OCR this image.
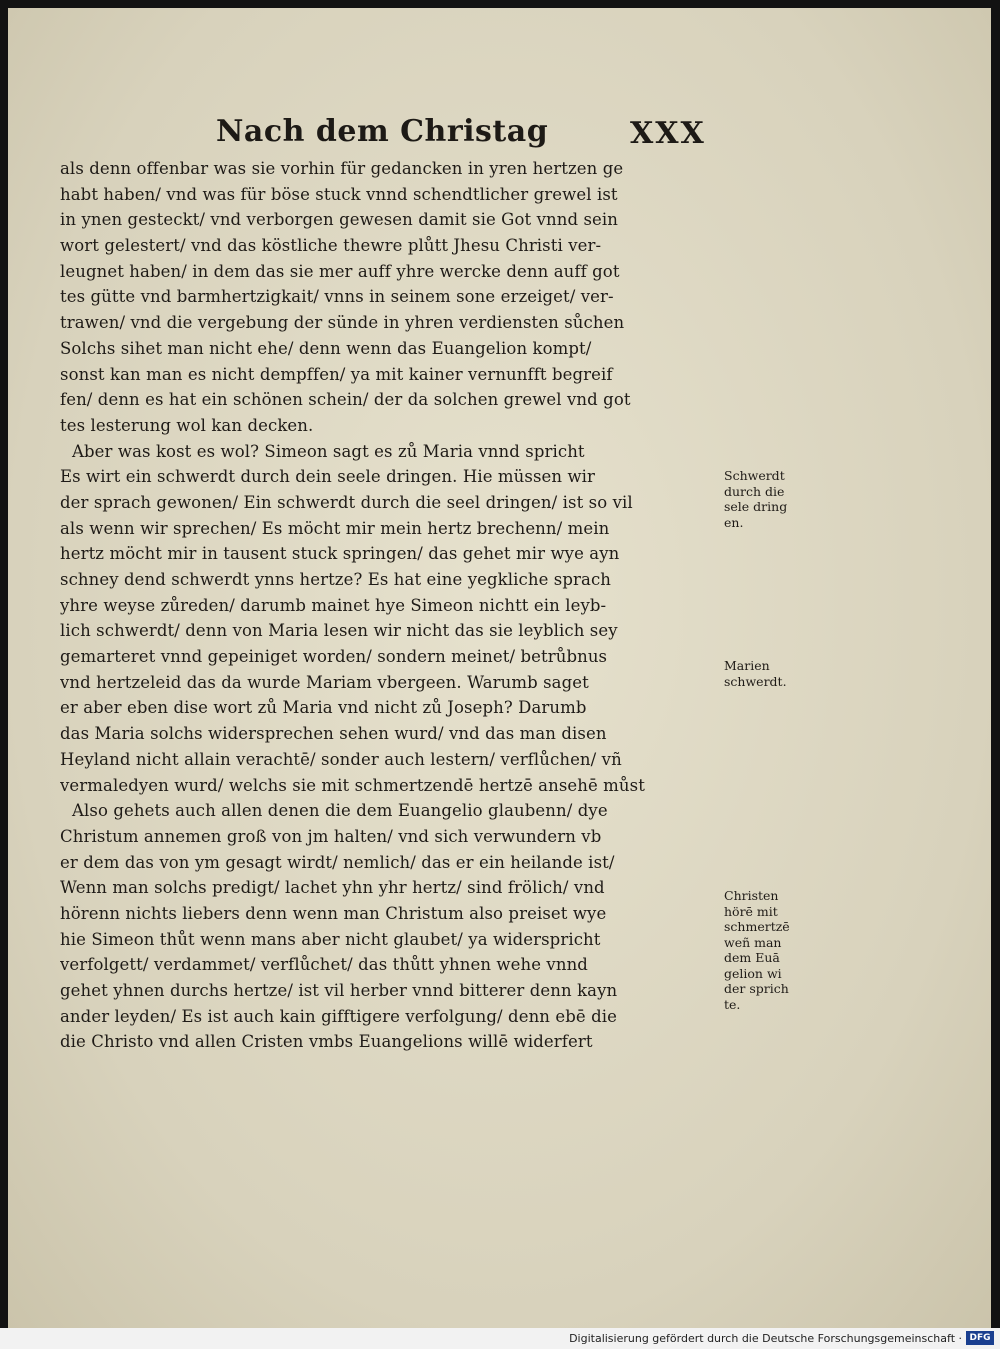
Nach dem Christag	XXX
als denn offenbar was sie vorhin für gedancken in yren hertzen ge
habt haben/ vnd was für böse stuck vnnd schendtlicher grewel ist
in ynen gesteckt/ vnd verborgen gewesen damit sie Got vnnd sein
wort gelestert/ vnd das köstliche thewre plůtt Jhesu Christi ver-
leugnet haben/ in dem das sie mer auff yhre wercke denn auff got
tes gütte vnd barmhertzigkait/ vnns in seinem sone erzeiget/ ver-
trawen/ vnd die vergebung der sünde in yhren verdiensten sůchen
Solchs sihet man nicht ehe/ denn wenn das Euangelion kompt/
sonst kan man es nicht dempffen/ ya mit kainer vernunfft begreif
fen/ denn es hat ein schönen schein/ der da solchen grewel vnd got
tes lesterung wol kan decken.
Aber was kost es wol? Simeon sagt es zů Maria vnnd spricht
Es wirt ein schwerdt durch dein seele dringen. Hie müssen wir
der sprach gewonen/ Ein schwerdt durch die seel dringen/ ist so vil
als wenn wir sprechen/ Es möcht mir mein hertz brechenn/ mein
hertz möcht mir in tausent stuck springen/ das gehet mir wye ayn
schney dend schwerdt ynns hertze? Es hat eine yegkliche sprach
yhre weyse zůreden/ darumb mainet hye Simeon nichtt ein leyb-
lich schwerdt/ denn von Maria lesen wir nicht das sie leyblich sey
gemarteret vnnd gepeiniget worden/ sondern meinet/ betrůbnus
vnd hertzeleid das da wurde Mariam vbergeen. Warumb saget
er aber eben dise wort zů Maria vnd nicht zů Joseph? Darumb
das Maria solchs widersprechen sehen wurd/ vnd das man disen
Heyland nicht allain verachtē/ sonder auch lestern/ verflůchen/ vñ
vermaledyen wurd/ welchs sie mit schmertzendē hertzē ansehē můst
Also gehets auch allen denen die dem Euangelio glaubenn/ dye
Christum annemen groß von jm halten/ vnd sich verwundern vb
er dem das von ym gesagt wirdt/ nemlich/ das er ein heilande ist/
Wenn man solchs predigt/ lachet yhn yhr hertz/ sind frölich/ vnd
hörenn nichts liebers denn wenn man Christum also preiset wye
hie Simeon thůt wenn mans aber nicht glaubet/ ya widerspricht
verfolgett/ verdammet/ verflůchet/ das thůtt yhnen wehe vnnd
gehet yhnen durchs hertze/ ist vil herber vnnd bitterer denn kayn
ander leyden/ Es ist auch kain gifftigere verfolgung/ denn ebē die
die Christo vnd allen Cristen vmbs Euangelions willē widerfert
Schwerdt
durch die
sele dring
en.
Marien
schwerdt.
Christen
hörē mit
schmertzē
weñ man
dem Euā
gelion wi
der sprich
te.
Digitalisierung gefördert durch die Deutsche Forschungsgemeinschaft · DFG
